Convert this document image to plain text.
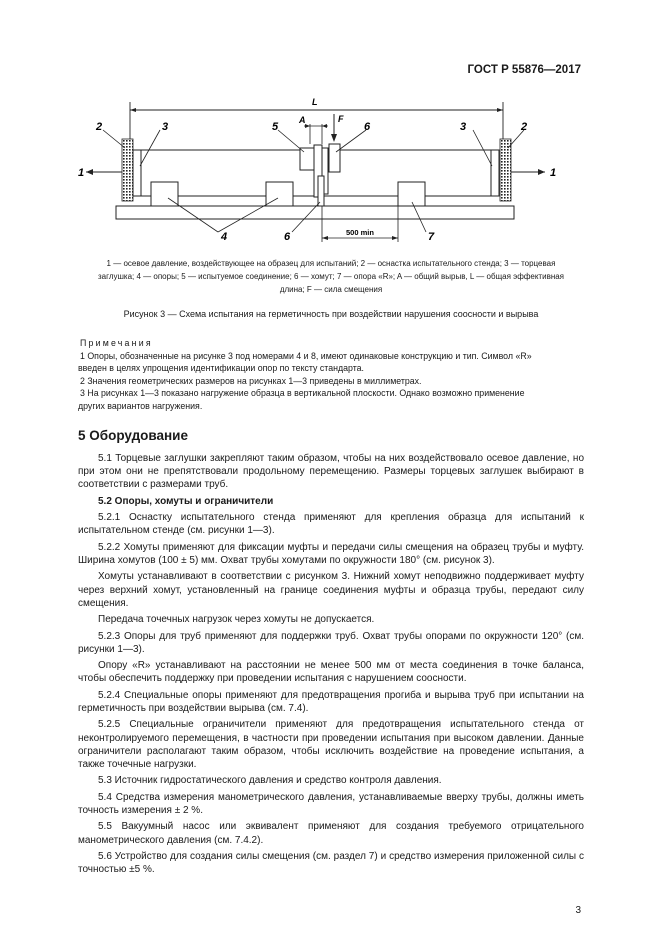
ГОСТ Р 55876—2017
L
A	F
500 min
2	3
1
5	6	3	2
1
4	6	7
1 — осевое давление, воздействующее на образец для испытаний; 2 — оснастка испытательного стенда; 3 — торцевая
заглушка; 4 — опоры; 5 — испытуемое соединение; 6 — хомут; 7 — опора «R»; A — общий вырыв, L — общая эффективная
длина; F — сила смещения
Рисунок 3 — Схема испытания на герметичность при воздействии нарушения соосности и вырыва

Примечания

1 Опоры, обозначенные на рисунке 3 под номерами 4 и 8, имеют одинаковые конструкцию и тип. Символ «R»

введен в целях упрощения идентификации опор по тексту стандарта.

2 Значения геометрических размеров на рисунках 1—3 приведены в миллиметрах.

3 На рисунках 1—3 показано нагружение образца в вертикальной плоскости. Однако возможно применение

других вариантов нагружения.

5 Оборудование

5.1 Торцевые заглушки закрепляют таким образом, чтобы на них воздействовало осевое давление, но при этом они не препятствовали продольному перемещению. Размеры торцевых заглушек выбирают в соответствии с размерами труб.

5.2 Опоры, хомуты и ограничители

5.2.1 Оснастку испытательного стенда применяют для крепления образца для испытаний к испытательном стенде (см. рисунки 1—3).

5.2.2 Хомуты применяют для фиксации муфты и передачи силы смещения на образец трубы и муфту. Ширина хомутов (100 ± 5) мм. Охват трубы хомутами по окружности 180° (см. рисунок 3).

Хомуты устанавливают в соответствии с рисунком 3. Нижний хомут неподвижно поддерживает муфту через верхний хомут, установленный на границе соединения муфты и образца трубы, передают силу смещения.

Передача точечных нагрузок через хомуты не допускается.

5.2.3 Опоры для труб применяют для поддержки труб. Охват трубы опорами по окружности 120° (см. рисунки 1—3).

Опору «R» устанавливают на расстоянии не менее 500 мм от места соединения в точке баланса, чтобы обеспечить поддержку при проведении испытания с нарушением соосности.

5.2.4 Специальные опоры применяют для предотвращения прогиба и вырыва труб при испытании на герметичность при воздействии вырыва (см. 7.4).

5.2.5 Специальные ограничители применяют для предотвращения испытательного стенда от неконтролируемого перемещения, в частности при проведении испытания при высоком давлении. Данные ограничители располагают таким образом, чтобы исключить воздействие на проведение испытания, а также точечные нагрузки.

5.3 Источник гидростатического давления и средство контроля давления.

5.4 Средства измерения манометрического давления, устанавливаемые вверху трубы, должны иметь точность измерения ± 2 %.

5.5 Вакуумный насос или эквивалент применяют для создания требуемого отрицательного манометрического давления (см. 7.4.2).

5.6 Устройство для создания силы смещения (см. раздел 7) и средство измерения приложенной силы с точностью ±5 %.

3
